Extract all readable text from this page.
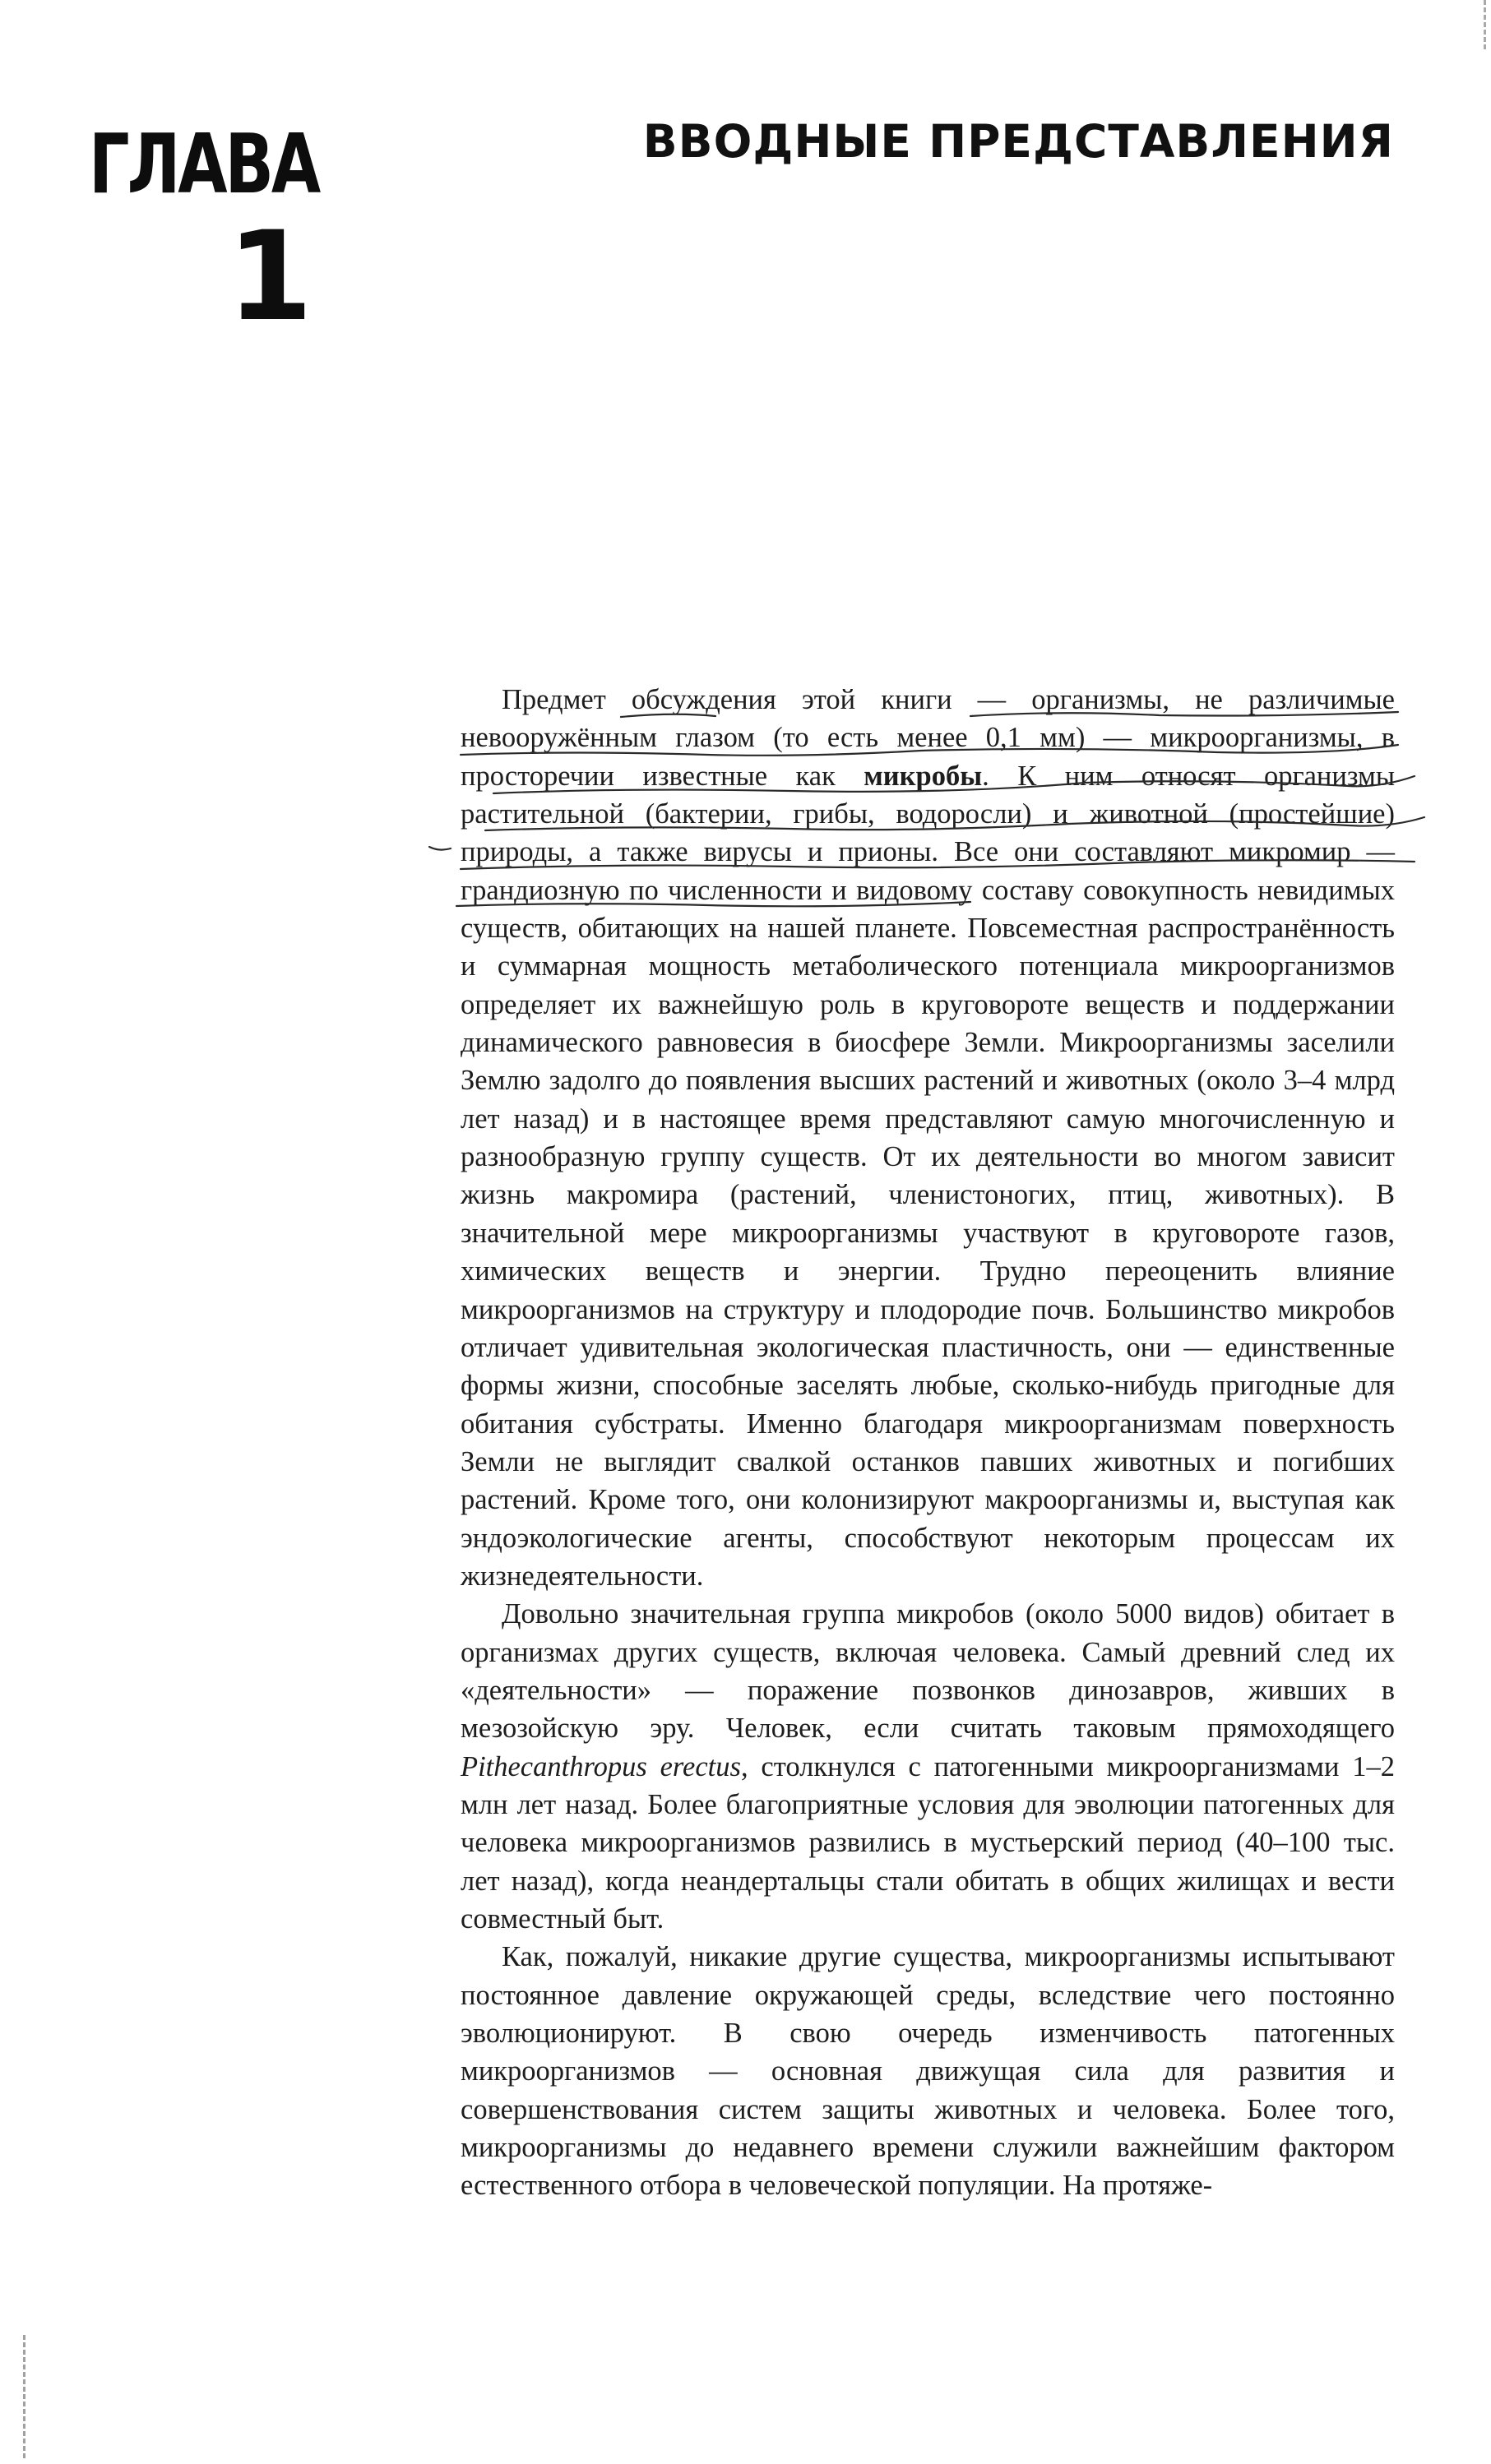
ГЛАВА
1
ВВОДНЫЕ ПРЕДСТАВЛЕНИЯ

Предмет обсуждения этой книги — организмы, не различимые невооружённым глазом (то есть менее 0,1 мм) — микроорганизмы, в просторечии известные как микробы. К ним относят организмы растительной (бактерии, грибы, водоросли) и животной (простейшие) природы, а также вирусы и прионы. Все они составляют микромир — грандиозную по численности и видовому составу совокупность невидимых существ, обитающих на нашей планете. Повсеместная распространённость и суммарная мощность метаболического потенциала микроорганизмов определяет их важнейшую роль в круговороте веществ и поддержании динамического равновесия в биосфере Земли. Микроорганизмы заселили Землю задолго до появления высших растений и животных (около 3–4 млрд лет назад) и в настоящее время представляют самую многочисленную и разнообразную группу существ. От их деятельности во многом зависит жизнь макромира (растений, членистоногих, птиц, животных). В значительной мере микроорганизмы участвуют в круговороте газов, химических веществ и энергии. Трудно переоценить влияние микроорганизмов на структуру и плодородие почв. Большинство микробов отличает удивительная экологическая пластичность, они — единственные формы жизни, способные заселять любые, сколько-нибудь пригодные для обитания субстраты. Именно благодаря микроорганизмам поверхность Земли не выглядит свалкой останков павших животных и погибших растений. Кроме того, они колонизируют макроорганизмы и, выступая как эндоэкологические агенты, способствуют некоторым процессам их жизнедеятельности.

Довольно значительная группа микробов (около 5000 видов) обитает в организмах других существ, включая человека. Самый древний след их «деятельности» — поражение позвонков динозавров, живших в мезозойскую эру. Человек, если считать таковым прямоходящего Pithecanthropus erectus, столкнулся с патогенными микроорганизмами 1–2 млн лет назад. Более благоприятные условия для эволюции патогенных для человека микроорганизмов развились в мустьерский период (40–100 тыс. лет назад), когда неандертальцы стали обитать в общих жилищах и вести совместный быт.

Как, пожалуй, никакие другие существа, микроорганизмы испытывают постоянное давление окружающей среды, вследствие чего постоянно эволюционируют. В свою очередь изменчивость патогенных микроорганизмов — основная движущая сила для развития и совершенствования систем защиты животных и человека. Более того, микроорганизмы до недавнего времени служили важнейшим фактором естественного отбора в человеческой популяции. На протяже-
